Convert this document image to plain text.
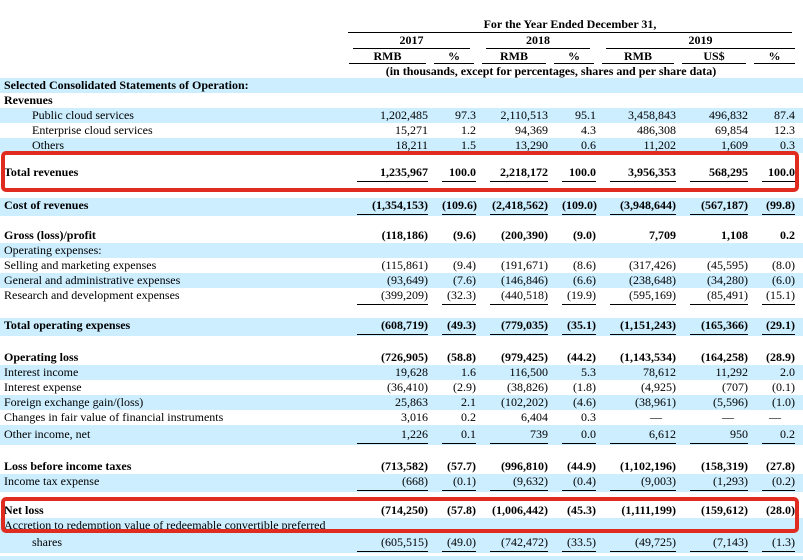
For the Year Ended December 31,
2017	2018	2019
RMB	%	RMB	%	RMB	US$	%
(in thousands, except for percentages, shares and per share data)
Selected Consolidated Statements of Operation:
Revenues
Public cloud services	1,202,485	97.3	2,110,513	95.1	3,458,843	496,832	87.4
Enterprise cloud services	15,271	1.2	94,369	4.3	486,308	69,854	12.3
Others	18,211	1.5	13,290	0.6	11,202	1,609	0.3
Total revenues	1,235,967	100.0	2,218,172	100.0	3,956,353	568,295	100.0
Cost of revenues	(1,354,153) (109.6) (2,418,562) (109.0)	(3,948,644)	(567,187)	(99.8)
Gross (loss)/profit	(118,186)	(9.6)	(200,390)	(9.0)	7,709	1,108	0.2
Operating expenses:
Selling and marketing expenses	(115,861)	(9.4)	(191,671)	(8.6)	(317,426)	(45,595)	(8.0)
General and administrative expenses	(93,649)	(7.6)	(146,846)	(6.6)	(238,648)	(34,280)	(6.0)
Research and development expenses	(399,209)	(32.3)	(440,518)	(19.9)	(595,169)	(85,491)	(15.1)
Total operating expenses	(608,719)	(49.3)	(779,035)	(35.1)	(1,151,243)	(165,366)	(29.1)
Operating loss	(726,905)	(58.8)	(979,425)	(44.2)	(1,143,534)	(164,258)	(28.9)
Interest income	19,628	1.6	116,500	5.3	78,612	11,292	2.0
Interest expense	(36,410)	(2.9)	(38,826)	(1.8)	(4,925)	(707)	(0.1)
Foreign exchange gain/(loss)	25,863	2.1	(102,202)	(4.6)	(38,961)	(5,596)	(1.0)
Changes in fair value of financial instruments	3,016	0.2	6,404	0.3	—	—	—
Other income, net	1,226	0.1	739	0.0	6,612	950	0.2
Loss before income taxes	(713,582)	(57.7)	(996,810)	(44.9)	(1,102,196)	(158,319)	(27.8)
Income tax expense	(668)	(0.1)	(9,632)	(0.4)	(9,003)	(1,293)	(0.2)
Net loss	(714,250)	(57.8) (1,006,442)	(45.3)	(1,111,199)	(159,612)	(28.0)
Accretion to redemption value of redeemable convertible preferred
shares	(605,515)	(49.0)	(742,472)	(33.5)	(49,725)	(7,143)	(1.3)
